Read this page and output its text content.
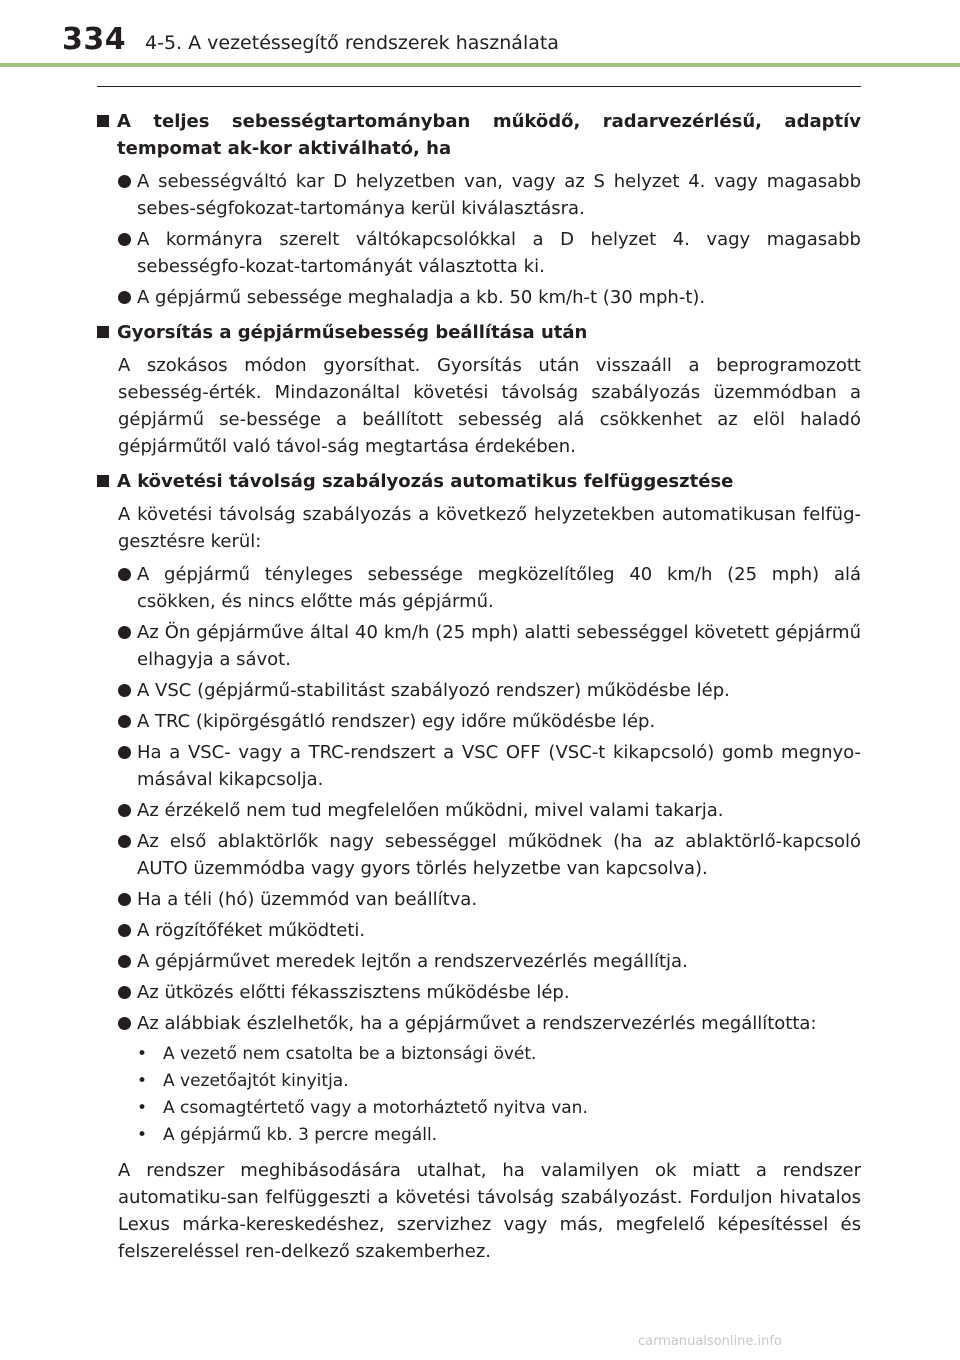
334 4-5. A vezetéssegítő rendszerek használata
A teljes sebességtartományban működő, radarvezérlésű, adaptív tempomat ak-kor aktiválható, ha
A sebességváltó kar D helyzetben van, vagy az S helyzet 4. vagy magasabb sebes-ségfokozat-tartománya kerül kiválasztásra.
A kormányra szerelt váltókapcsolókkal a D helyzet 4. vagy magasabb sebességfo-kozat-tartományát választotta ki.
A gépjármű sebessége meghaladja a kb. 50 km/h-t (30 mph-t).
Gyorsítás a gépjárműsebesség beállítása után
A szokásos módon gyorsíthat. Gyorsítás után visszaáll a beprogramozott sebesség-érték. Mindazonáltal követési távolság szabályozás üzemmódban a gépjármű se-bessége a beállított sebesség alá csökkenhet az elöl haladó gépjárműtől való távol-ság megtartása érdekében.
A követési távolság szabályozás automatikus felfüggesztése
A követési távolság szabályozás a következő helyzetekben automatikusan felfüg-gesztésre kerül:
A gépjármű tényleges sebessége megközelítőleg 40 km/h (25 mph) alá csökken, és nincs előtte más gépjármű.
Az Ön gépjárműve által 40 km/h (25 mph) alatti sebességgel követett gépjármű elhagyja a sávot.
A VSC (gépjármű-stabilitást szabályozó rendszer) működésbe lép.
A TRC (kipörgésgátló rendszer) egy időre működésbe lép.
Ha a VSC- vagy a TRC-rendszert a VSC OFF (VSC-t kikapcsoló) gomb megnyo-másával kikapcsolja.
Az érzékelő nem tud megfelelően működni, mivel valami takarja.
Az első ablaktörlők nagy sebességgel működnek (ha az ablaktörlő-kapcsoló AUTO üzemmódba vagy gyors törlés helyzetbe van kapcsolva).
Ha a téli (hó) üzemmód van beállítva.
A rögzítőféket működteti.
A gépjárművet meredek lejtőn a rendszervezérlés megállítja.
Az ütközés előtti fékasszisztens működésbe lép.
Az alábbiak észlelhetők, ha a gépjárművet a rendszervezérlés megállította:
• A vezető nem csatolta be a biztonsági övét.
• A vezetőajtót kinyitja.
• A csomagtértető vagy a motorháztető nyitva van.
• A gépjármű kb. 3 percre megáll.
A rendszer meghibásodására utalhat, ha valamilyen ok miatt a rendszer automatiku-san felfüggeszti a követési távolság szabályozást. Forduljon hivatalos Lexus márka-kereskedéshez, szervizhez vagy más, megfelelő képesítéssel és felszereléssel ren-delkező szakemberhez.
carmanualsonline.info
